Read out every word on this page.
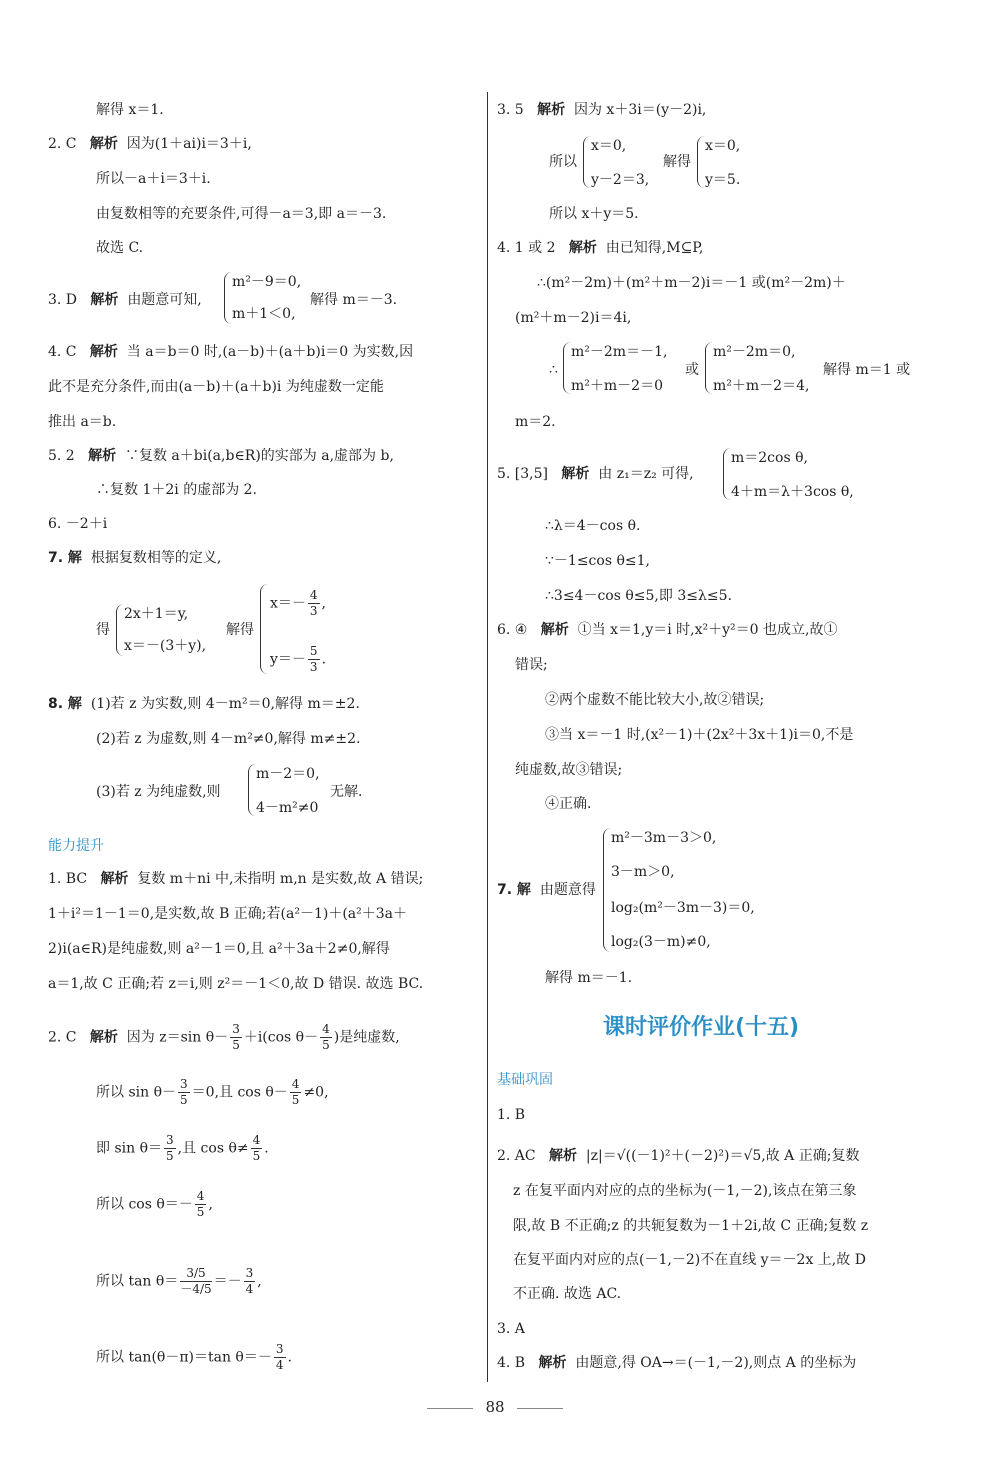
解得 x＝1.
2. C 解析 因为(1＋ai)i＝3＋i,
所以－a＋i＝3＋i.
由复数相等的充要条件,可得－a＝3,即 a＝－3.
故选 C.
3. D 解析 由题意可知,
m²－9＝0,
m＋1＜0,
解得 m＝－3.
4. C 解析 当 a＝b＝0 时,(a－b)＋(a＋b)i＝0 为实数,因
此不是充分条件,而由(a－b)＋(a＋b)i 为纯虚数一定能
推出 a＝b.
5. 2 解析 ∵复数 a＋bi(a,b∈R)的实部为 a,虚部为 b,
∴复数 1＋2i 的虚部为 2.
6. －2＋i
7. 解 根据复数相等的定义,
得
2x＋1＝y,
x＝－(3＋y),
解得
$x=- \frac{4}{3}$ ,
$y=- \frac{5}{3}$ .
8. 解 (1)若 z 为实数,则 4－m²＝0,解得 m＝±2.
(2)若 z 为虚数,则 4－m²≠0,解得 m≠±2.
(3)若 z 为纯虚数,则
m－2＝0,
4－m²≠0
无解.
能力提升
1. BC 解析 复数 m＋ni 中,未指明 m,n 是实数,故 A 错误;
1＋i²＝1－1＝0,是实数,故 B 正确;若(a²－1)＋(a²＋3a＋
2)i(a∈R)是纯虚数,则 a²－1＝0,且 a²＋3a＋2≠0,解得
a＝1,故 C 正确;若 z＝i,则 z²＝－1＜0,故 D 错误. 故选 BC.
2. C 解析 因为 z＝sin $\theta- \frac{3}{5} +i(\cos$ $\theta- \frac{4}{5}$ )是纯虚数,
所以 $\sin \theta- \frac{3}{5} =0$,且 $\cos \theta- \frac{4}{5} \ne 0$,
即 $\sin \theta= \frac{3}{5}$ ,且 $\cos \theta\ne \frac{4}{5}$ .
所以 $\cos \theta=- \frac{4}{5}$ ,
所以 $\tan \theta= \frac{3/5}{-4/5} =- \frac{3}{4}$ ,
所以 tan(θ－π)＝tan $\theta=- \frac{3}{4}$ .
3. 5 解析 因为 x＋3i＝(y－2)i,
所以
x＝0,
y－2＝3,
解得
x＝0,
y＝5.
所以 x＋y＝5.
4. 1 或 2 解析 由已知得,M⊆P,
∴(m²－2m)＋(m²＋m－2)i＝－1 或(m²－2m)＋
(m²＋m－2)i＝4i,
∴
m²－2m＝－1,
m²＋m－2＝0
或
m²－2m＝0,
m²＋m－2＝4,
解得 m＝1 或
m＝2.
5. [3,5] 解析 由 z₁＝z₂ 可得,
m＝2cos θ,
4＋m＝λ＋3cos θ,
∴λ＝4－cos θ.
∵－1≤cos θ≤1,
∴3≤4－cos θ≤5,即 3≤λ≤5.
6. ④ 解析 ①当 x＝1,y＝i 时,x²＋y²＝0 也成立,故①
错误;
②两个虚数不能比较大小,故②错误;
③当 x＝－1 时,(x²－1)＋(2x²＋3x＋1)i＝0,不是
纯虚数,故③错误;
④正确.
7. 解 由题意得
m²－3m－3＞0,
3－m＞0,
log₂(m²－3m－3)＝0,
log₂(3－m)≠0,
解得 m＝－1.
课时评价作业(十五)
基础巩固
1. B
2. AC 解析 |z|＝√((－1)²＋(－2)²)＝√5,故 A 正确;复数
z 在复平面内对应的点的坐标为(－1,－2),该点在第三象
限,故 B 不正确;z 的共轭复数为－1＋2i,故 C 正确;复数 z
在复平面内对应的点(－1,－2)不在直线 y＝－2x 上,故 D
不正确. 故选 AC.
3. A
4. B 解析 由题意,得 OA→＝(－1,－2),则点 A 的坐标为
88
